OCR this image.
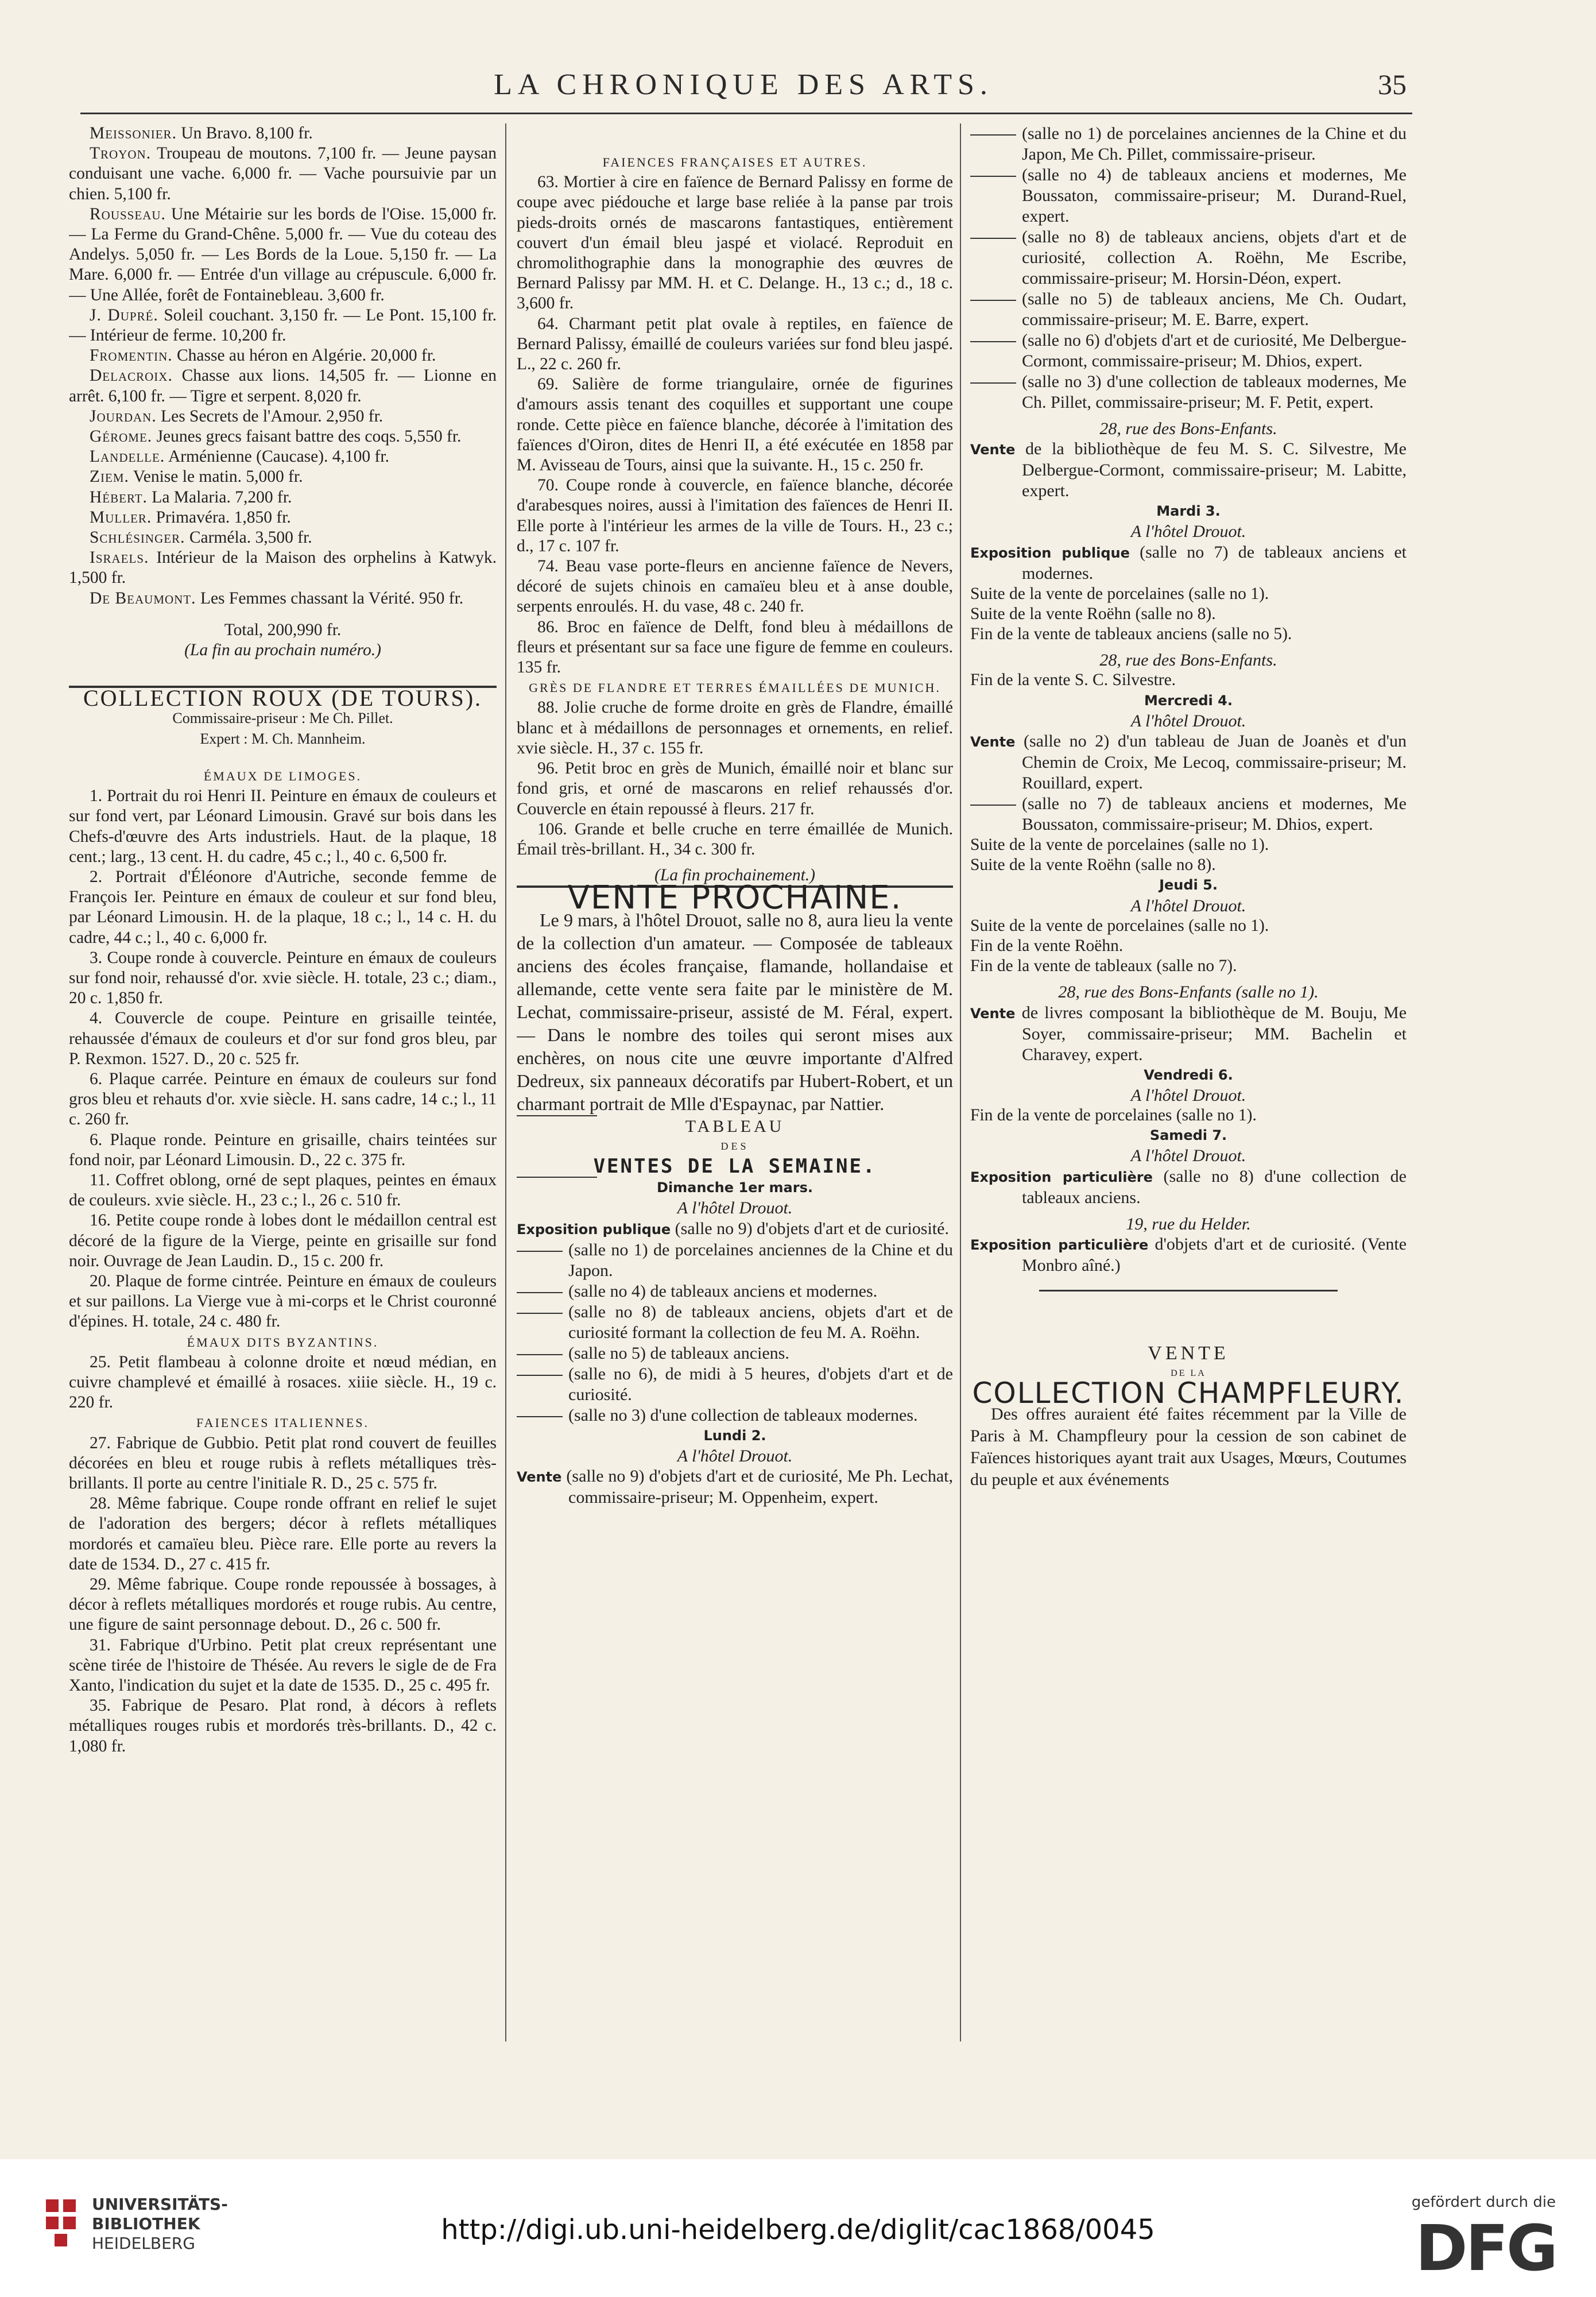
LA CHRONIQUE DES ARTS.	35

Meissonier. Un Bravo. 8,100 fr.

Troyon. Troupeau de moutons. 7,100 fr. — Jeune paysan conduisant une vache. 6,000 fr. — Vache poursuivie par un chien. 5,100 fr.

Rousseau. Une Métairie sur les bords de l'Oise. 15,000 fr. — La Ferme du Grand-Chêne. 5,000 fr. — Vue du coteau des Andelys. 5,050 fr. — Les Bords de la Loue. 5,150 fr. — La Mare. 6,000 fr. — Entrée d'un village au crépuscule. 6,000 fr. — Une Allée, forêt de Fontainebleau. 3,600 fr.

J. Dupré. Soleil couchant. 3,150 fr. — Le Pont. 15,100 fr. — Intérieur de ferme. 10,200 fr.

Fromentin. Chasse au héron en Algérie. 20,000 fr.

Delacroix. Chasse aux lions. 14,505 fr. — Lionne en arrêt. 6,100 fr. — Tigre et serpent. 8,020 fr.

Jourdan. Les Secrets de l'Amour. 2,950 fr.

Gérome. Jeunes grecs faisant battre des coqs. 5,550 fr.

Landelle. Arménienne (Caucase). 4,100 fr.

Ziem. Venise le matin. 5,000 fr.

Hébert. La Malaria. 7,200 fr.

Muller. Primavéra. 1,850 fr.

Schlésinger. Carméla. 3,500 fr.

Israels. Intérieur de la Maison des orphelins à Katwyk. 1,500 fr.

De Beaumont. Les Femmes chassant la Vérité. 950 fr.

Total, 200,990 fr.

(La fin au prochain numéro.)

COLLECTION ROUX (DE TOURS).

Commissaire-priseur : Me Ch. Pillet.

Expert : M. Ch. Mannheim.

ÉMAUX DE LIMOGES.

1. Portrait du roi Henri II. Peinture en émaux de couleurs et sur fond vert, par Léonard Limousin. Gravé sur bois dans les Chefs-d'œuvre des Arts industriels. Haut. de la plaque, 18 cent.; larg., 13 cent. H. du cadre, 45 c.; l., 40 c. 6,500 fr.

2. Portrait d'Éléonore d'Autriche, seconde femme de François Ier. Peinture en émaux de couleur et sur fond bleu, par Léonard Limousin. H. de la plaque, 18 c.; l., 14 c. H. du cadre, 44 c.; l., 40 c. 6,000 fr.

3. Coupe ronde à couvercle. Peinture en émaux de couleurs sur fond noir, rehaussé d'or. xvie siècle. H. totale, 23 c.; diam., 20 c. 1,850 fr.

4. Couvercle de coupe. Peinture en grisaille teintée, rehaussée d'émaux de couleurs et d'or sur fond gros bleu, par P. Rexmon. 1527. D., 20 c. 525 fr.

6. Plaque carrée. Peinture en émaux de couleurs sur fond gros bleu et rehauts d'or. xvie siècle. H. sans cadre, 14 c.; l., 11 c. 260 fr.

6. Plaque ronde. Peinture en grisaille, chairs teintées sur fond noir, par Léonard Limousin. D., 22 c. 375 fr.

11. Coffret oblong, orné de sept plaques, peintes en émaux de couleurs. xvie siècle. H., 23 c.; l., 26 c. 510 fr.

16. Petite coupe ronde à lobes dont le médaillon central est décoré de la figure de la Vierge, peinte en grisaille sur fond noir. Ouvrage de Jean Laudin. D., 15 c. 200 fr.

20. Plaque de forme cintrée. Peinture en émaux de couleurs et sur paillons. La Vierge vue à mi-corps et le Christ couronné d'épines. H. totale, 24 c. 480 fr.

ÉMAUX DITS BYZANTINS.

25. Petit flambeau à colonne droite et nœud médian, en cuivre champlevé et émaillé à rosaces. xiiie siècle. H., 19 c. 220 fr.

FAIENCES ITALIENNES.

27. Fabrique de Gubbio. Petit plat rond couvert de feuilles décorées en bleu et rouge rubis à reflets métalliques très-brillants. Il porte au centre l'initiale R. D., 25 c. 575 fr.

28. Même fabrique. Coupe ronde offrant en relief le sujet de l'adoration des bergers; décor à reflets métalliques mordorés et camaïeu bleu. Pièce rare. Elle porte au revers la date de 1534. D., 27 c. 415 fr.

29. Même fabrique. Coupe ronde repoussée à bossages, à décor à reflets métalliques mordorés et rouge rubis. Au centre, une figure de saint personnage debout. D., 26 c. 500 fr.

31. Fabrique d'Urbino. Petit plat creux représentant une scène tirée de l'histoire de Thésée. Au revers le sigle de de Fra Xanto, l'indication du sujet et la date de 1535. D., 25 c. 495 fr.

35. Fabrique de Pesaro. Plat rond, à décors à reflets métalliques rouges rubis et mordorés très-brillants. D., 42 c. 1,080 fr.

FAIENCES FRANÇAISES ET AUTRES.

63. Mortier à cire en faïence de Bernard Palissy en forme de coupe avec piédouche et large base reliée à la panse par trois pieds-droits ornés de mascarons fantastiques, entièrement couvert d'un émail bleu jaspé et violacé. Reproduit en chromolithographie dans la monographie des œuvres de Bernard Palissy par MM. H. et C. Delange. H., 13 c.; d., 18 c. 3,600 fr.

64. Charmant petit plat ovale à reptiles, en faïence de Bernard Palissy, émaillé de couleurs variées sur fond bleu jaspé. L., 22 c. 260 fr.

69. Salière de forme triangulaire, ornée de figurines d'amours assis tenant des coquilles et supportant une coupe ronde. Cette pièce en faïence blanche, décorée à l'imitation des faïences d'Oiron, dites de Henri II, a été exécutée en 1858 par M. Avisseau de Tours, ainsi que la suivante. H., 15 c. 250 fr.

70. Coupe ronde à couvercle, en faïence blanche, décorée d'arabesques noires, aussi à l'imitation des faïences de Henri II. Elle porte à l'intérieur les armes de la ville de Tours. H., 23 c.; d., 17 c. 107 fr.

74. Beau vase porte-fleurs en ancienne faïence de Nevers, décoré de sujets chinois en camaïeu bleu et à anse double, serpents enroulés. H. du vase, 48 c. 240 fr.

86. Broc en faïence de Delft, fond bleu à médaillons de fleurs et présentant sur sa face une figure de femme en couleurs. 135 fr.

GRÈS DE FLANDRE ET TERRES ÉMAILLÉES DE MUNICH.

88. Jolie cruche de forme droite en grès de Flandre, émaillé blanc et à médaillons de personnages et ornements, en relief. xvie siècle. H., 37 c. 155 fr.

96. Petit broc en grès de Munich, émaillé noir et blanc sur fond gris, et orné de mascarons en relief rehaussés d'or. Couvercle en étain repoussé à fleurs. 217 fr.

106. Grande et belle cruche en terre émaillée de Munich. Émail très-brillant. H., 34 c. 300 fr.

(La fin prochainement.)

VENTE PROCHAINE.

Le 9 mars, à l'hôtel Drouot, salle no 8, aura lieu la vente de la collection d'un amateur. — Composée de tableaux anciens des écoles française, flamande, hollandaise et allemande, cette vente sera faite par le ministère de M. Lechat, commissaire-priseur, assisté de M. Féral, expert. — Dans le nombre des toiles qui seront mises aux enchères, on nous cite une œuvre importante d'Alfred Dedreux, six panneaux décoratifs par Hubert-Robert, et un charmant portrait de Mlle d'Espaynac, par Nattier.

TABLEAU

DES

VENTES DE LA SEMAINE.

Dimanche 1er mars.

A l'hôtel Drouot.

Exposition publique (salle no 9) d'objets d'art et de curiosité.

(salle no 1) de porcelaines anciennes de la Chine et du Japon.

(salle no 4) de tableaux anciens et modernes.

(salle no 8) de tableaux anciens, objets d'art et de curiosité formant la collection de feu M. A. Roëhn.

(salle no 5) de tableaux anciens.

(salle no 6), de midi à 5 heures, d'objets d'art et de curiosité.

(salle no 3) d'une collection de tableaux modernes.

Lundi 2.

A l'hôtel Drouot.

Vente (salle no 9) d'objets d'art et de curiosité, Me Ph. Lechat, commissaire-priseur; M. Oppenheim, expert.

(salle no 1) de porcelaines anciennes de la Chine et du Japon, Me Ch. Pillet, commissaire-priseur.

(salle no 4) de tableaux anciens et modernes, Me Boussaton, commissaire-priseur; M. Durand-Ruel, expert.

(salle no 8) de tableaux anciens, objets d'art et de curiosité, collection A. Roëhn, Me Escribe, commissaire-priseur; M. Horsin-Déon, expert.

(salle no 5) de tableaux anciens, Me Ch. Oudart, commissaire-priseur; M. E. Barre, expert.

(salle no 6) d'objets d'art et de curiosité, Me Delbergue-Cormont, commissaire-priseur; M. Dhios, expert.

(salle no 3) d'une collection de tableaux modernes, Me Ch. Pillet, commissaire-priseur; M. F. Petit, expert.

28, rue des Bons-Enfants.

Vente de la bibliothèque de feu M. S. C. Silvestre, Me Delbergue-Cormont, commissaire-priseur; M. Labitte, expert.

Mardi 3.

A l'hôtel Drouot.

Exposition publique (salle no 7) de tableaux anciens et modernes.

Suite de la vente de porcelaines (salle no 1).

Suite de la vente Roëhn (salle no 8).

Fin de la vente de tableaux anciens (salle no 5).

28, rue des Bons-Enfants.

Fin de la vente S. C. Silvestre.

Mercredi 4.

A l'hôtel Drouot.

Vente (salle no 2) d'un tableau de Juan de Joanès et d'un Chemin de Croix, Me Lecoq, commissaire-priseur; M. Rouillard, expert.

(salle no 7) de tableaux anciens et modernes, Me Boussaton, commissaire-priseur; M. Dhios, expert.

Suite de la vente de porcelaines (salle no 1).

Suite de la vente Roëhn (salle no 8).

Jeudi 5.

A l'hôtel Drouot.

Suite de la vente de porcelaines (salle no 1).

Fin de la vente Roëhn.

Fin de la vente de tableaux (salle no 7).

28, rue des Bons-Enfants (salle no 1).

Vente de livres composant la bibliothèque de M. Bouju, Me Soyer, commissaire-priseur; MM. Bachelin et Charavey, expert.

Vendredi 6.

A l'hôtel Drouot.

Fin de la vente de porcelaines (salle no 1).

Samedi 7.

A l'hôtel Drouot.

Exposition particulière (salle no 8) d'une collection de tableaux anciens.

19, rue du Helder.

Exposition particulière d'objets d'art et de curiosité. (Vente Monbro aîné.)

VENTE

DE LA

COLLECTION CHAMPFLEURY.

Des offres auraient été faites récemment par la Ville de Paris à M. Champfleury pour la cession de son cabinet de Faïences historiques ayant trait aux Usages, Mœurs, Coutumes du peuple et aux événements

UNIVERSITÄTS-
BIBLIOTHEK
HEIDELBERG	http://digi.ub.uni-heidelberg.de/diglit/cac1868/0045
gefördert durch die
DFG
